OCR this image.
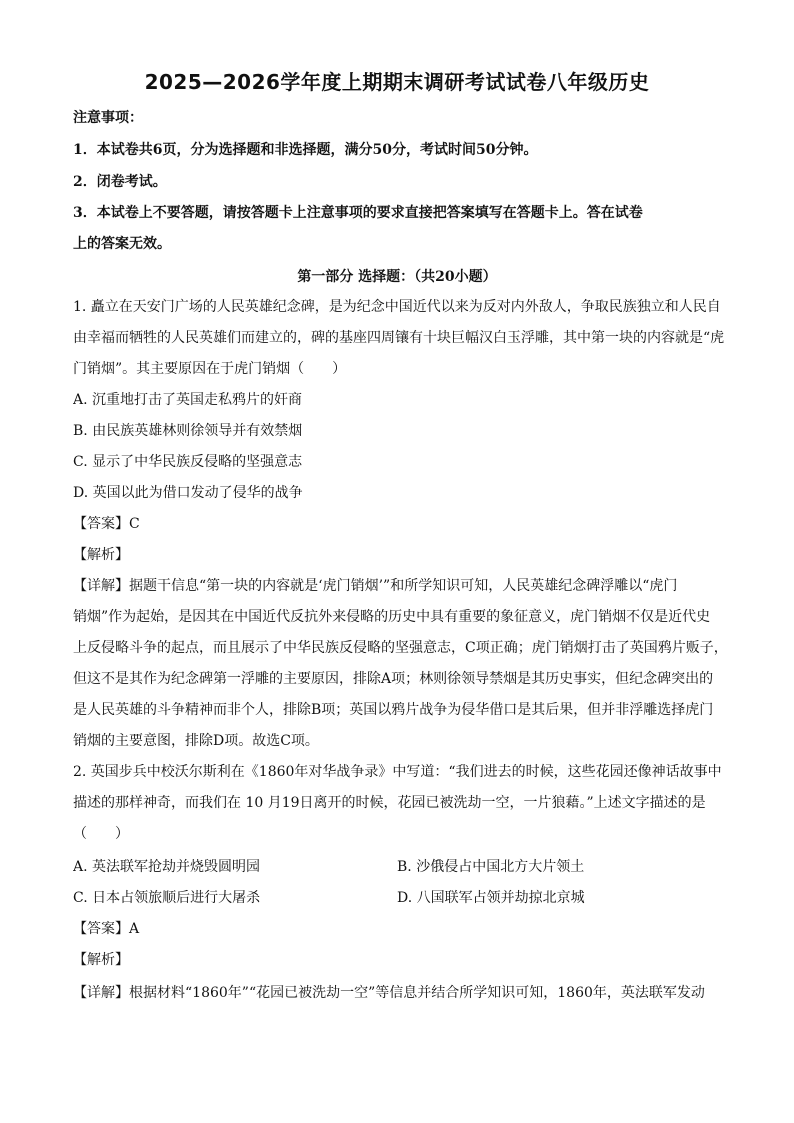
2025—2026学年度上期期末调研考试试卷八年级历史
注意事项：
1．本试卷共6页，分为选择题和非选择题，满分50分，考试时间50分钟。
2．闭卷考试。
3．本试卷上不要答题，请按答题卡上注意事项的要求直接把答案填写在答题卡上。答在试卷
上的答案无效。
第一部分 选择题：（共20小题）
1. 矗立在天安门广场的人民英雄纪念碑，是为纪念中国近代以来为反对内外敌人，争取民族独立和人民自
由幸福而牺牲的人民英雄们而建立的，碑的基座四周镶有十块巨幅汉白玉浮雕，其中第一块的内容就是“虎
门销烟”。其主要原因在于虎门销烟（　　）
A. 沉重地打击了英国走私鸦片的奸商
B. 由民族英雄林则徐领导并有效禁烟
C. 显示了中华民族反侵略的坚强意志
D. 英国以此为借口发动了侵华的战争
【答案】C
【解析】
【详解】据题干信息“第一块的内容就是‘虎门销烟’”和所学知识可知，人民英雄纪念碑浮雕以“虎门
销烟”作为起始，是因其在中国近代反抗外来侵略的历史中具有重要的象征意义，虎门销烟不仅是近代史
上反侵略斗争的起点，而且展示了中华民族反侵略的坚强意志，C项正确；虎门销烟打击了英国鸦片贩子，
但这不是其作为纪念碑第一浮雕的主要原因，排除A项；林则徐领导禁烟是其历史事实，但纪念碑突出的
是人民英雄的斗争精神而非个人，排除B项；英国以鸦片战争为侵华借口是其后果，但并非浮雕选择虎门
销烟的主要意图，排除D项。故选C项。
2. 英国步兵中校沃尔斯利在《1860年对华战争录》中写道：“我们进去的时候，这些花园还像神话故事中
描述的那样神奇，而我们在 10 月19日离开的时候，花园已被洗劫一空，一片狼藉。”上述文字描述的是
（　　）
A. 英法联军抢劫并烧毁圆明园	B. 沙俄侵占中国北方大片领土
C. 日本占领旅顺后进行大屠杀	D. 八国联军占领并劫掠北京城
【答案】A
【解析】
【详解】根据材料“1860年”“花园已被洗劫一空”等信息并结合所学知识可知，1860年，英法联军发动
